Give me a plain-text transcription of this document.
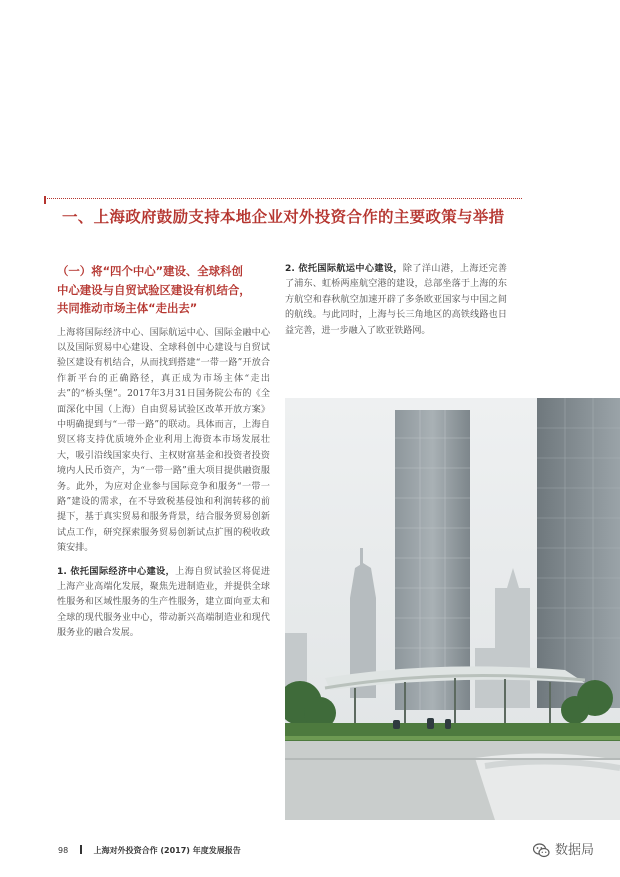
一、上海政府鼓励支持本地企业对外投资合作的主要政策与举措
（一）将“四个中心”建设、全球科创
中心建设与自贸试验区建设有机结合，
共同推动市场主体“走出去”

上海将国际经济中心、国际航运中心、国际金融中心以及国际贸易中心建设、全球科创中心建设与自贸试验区建设有机结合，从而找到搭建“一带一路”开放合作新平台的正确路径，真正成为市场主体“走出去”的“桥头堡”。2017年3月31日国务院公布的《全面深化中国（上海）自由贸易试验区改革开放方案》中明确提到与“一带一路”的联动。具体而言，上海自贸区将支持优质境外企业利用上海资本市场发展壮大，吸引沿线国家央行、主权财富基金和投资者投资境内人民币资产，为“一带一路”重大项目提供融资服务。此外，为应对企业参与国际竞争和服务“一带一路”建设的需求，在不导致税基侵蚀和利润转移的前提下，基于真实贸易和服务背景，结合服务贸易创新试点工作，研究探索服务贸易创新试点扩围的税收政策安排。

1. 依托国际经济中心建设，上海自贸试验区将促进上海产业高端化发展，聚焦先进制造业，并提供全球性服务和区域性服务的生产性服务，建立面向亚太和全球的现代服务业中心，带动新兴高端制造业和现代服务业的融合发展。

2. 依托国际航运中心建设，除了洋山港，上海还完善了浦东、虹桥两座航空港的建设，总部坐落于上海的东方航空和春秋航空加速开辟了多条欧亚国家与中国之间的航线。与此同时，上海与长三角地区的高铁线路也日益完善，进一步融入了欧亚铁路网。

98	上海对外投资合作 (2017) 年度发展报告	数据局
